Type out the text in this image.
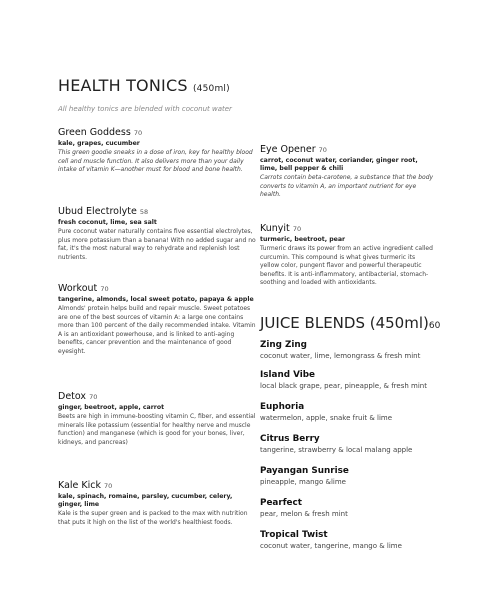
HEALTH TONICS (450ml)
All healthy tonics are blended with coconut water
Green Goddess 70
kale, grapes, cucumber
This green goodie sneaks in a dose of iron, key for healthy blood cell and muscle function. It also delivers more than your daily intake of vitamin K—another must for blood and bone health.
Ubud Electrolyte 58
fresh coconut, lime, sea salt
Pure coconut water naturally contains five essential electrolytes, plus more potassium than a banana! With no added sugar and no fat, it's the most natural way to rehydrate and replenish lost nutrients.
Workout 70
tangerine, almonds, local sweet potato, papaya & apple
Almonds' protein helps build and repair muscle. Sweet potatoes are one of the best sources of vitamin A: a large one contains more than 100 percent of the daily recommended intake. Vitamin A is an antioxidant powerhouse, and is linked to anti-aging benefits, cancer prevention and the maintenance of good eyesight.
Detox 70
ginger, beetroot, apple, carrot
Beets are high in immune-boosting vitamin C, fiber, and essential minerals like potassium (essential for healthy nerve and muscle function) and manganese (which is good for your bones, liver, kidneys, and pancreas)
Kale Kick 70
kale, spinach, romaine, parsley, cucumber, celery, ginger, lime
Kale is the super green and is packed to the max with nutrition that puts it high on the list of the world's healthiest foods.
Eye Opener 70
carrot, coconut water, coriander, ginger root, lime, bell pepper & chili
Carrots contain beta-carotene, a substance that the body converts to vitamin A, an important nutrient for eye health.
Kunyit 70
turmeric, beetroot, pear
Turmeric draws its power from an active ingredient called curcumin. This compound is what gives turmeric its yellow color, pungent flavor and powerful therapeutic benefits. It is anti-inflammatory, antibacterial, stomach-soothing and loaded with antioxidants.
JUICE BLENDS (450ml)60
Zing Zing
coconut water, lime, lemongrass & fresh mint
Island Vibe
local black grape, pear, pineapple, & fresh mint
Euphoria
watermelon, apple, snake fruit & lime
Citrus Berry
tangerine, strawberry & local malang apple
Payangan Sunrise
pineapple, mango &lime
Pearfect
pear, melon & fresh mint
Tropical Twist
coconut water, tangerine, mango & lime
